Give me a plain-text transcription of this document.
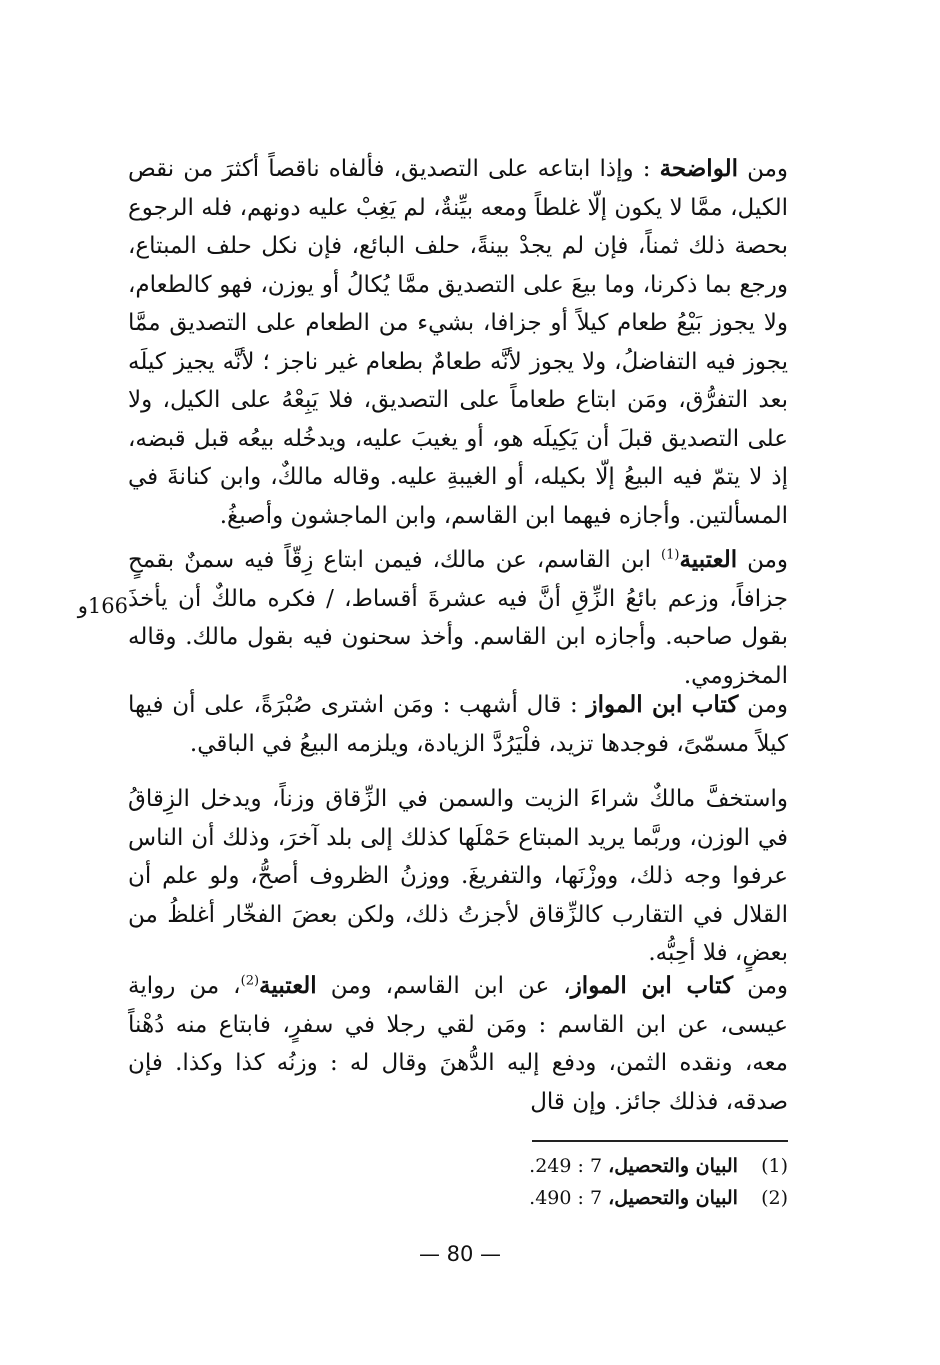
ومن الواضحة : وإذا ابتاعه على التصديق، فألفاه ناقصاً أكثرَ من نقص الكيل، ممَّا لا يكون إلّا غلطاً ومعه بيِّنةٌ، لم يَغِبْ عليه دونهم، فله الرجوع بحصة ذلك ثمناً، فإن لم يجدْ بينةً، حلف البائع، فإن نكل حلف المبتاع، ورجع بما ذكرنا، وما بيعَ على التصديق ممَّا يُكالُ أو يوزن، فهو كالطعام، ولا يجوز بَيْعُ طعام كيلاً أو جزافا، بشيء من الطعام على التصديق ممَّا يجوز فيه التفاضلُ، ولا يجوز لأنَّه طعامٌ بطعام غير ناجز ؛ لأنَّه يجيز كيلَه بعد التفرُّق، ومَن ابتاع طعاماً على التصديق، فلا يَبِعْهُ على الكيل، ولا على التصديق قبلَ أن يَكِيلَه هو، أو يغيبَ عليه، ويدخُله بيعُه قبل قبضه، إذ لا يتمّ فيه البيعُ إلّا بكيله، أو الغيبةِ عليه. وقاله مالكٌ، وابن كنانةَ في المسألتين. وأجازه فيهما ابن القاسم، وابن الماجشون وأصبغُ.

ومن العتبية$^{(1)}$ ابن القاسم، عن مالك، فيمن ابتاع زِقّاً فيه سمنٌ بقمحٍ جزافاً، وزعم بائعُ الزِّقِ أنَّ فيه عشرةَ أقساط، / فكره مالكٌ أن يأخذَ بقول صاحبه. وأجازه ابن القاسم. وأخذ سحنون فيه بقول مالك. وقاله المخزومي.

166و

ومن كتاب ابن المواز : قال أشهب : ومَن اشترى صُبْرَةً، على أن فيها كيلاً مسمّىً، فوجدها تزيد، فلْيَرُدَّ الزيادة، ويلزمه البيعُ في الباقي.

واستخفَّ مالكٌ شراءَ الزيت والسمن في الزِّقاق وزناً، ويدخل الزِقاقُ في الوزن، وربَّما يريد المبتاع حَمْلَها كذلك إلى بلد آخرَ، وذلك أن الناس عرفوا وجه ذلك، ووزْنَها، والتفريغَ. ووزنُ الظروف أصحُّ، ولو علم أن القلال في التقارب كالزِّقاق لأجزتُ ذلك، ولكن بعضَ الفخّار أغلظُ من بعضٍ، فلا أحِبُّه.

ومن كتاب ابن المواز، عن ابن القاسم، ومن العتبية$^{(2)}$، من رواية عيسى، عن ابن القاسم : ومَن لقي رجلا في سفرٍ، فابتاع منه دُهْناً معه، ونقده الثمن، ودفع إليه الدُّهنَ وقال له : وزنُه كذا وكذا. فإن صدقه، فذلك جائز. وإن قال

(1) البيان والتحصيل، 7 : 249.
(2) البيان والتحصيل، 7 : 490.
— 80 —
